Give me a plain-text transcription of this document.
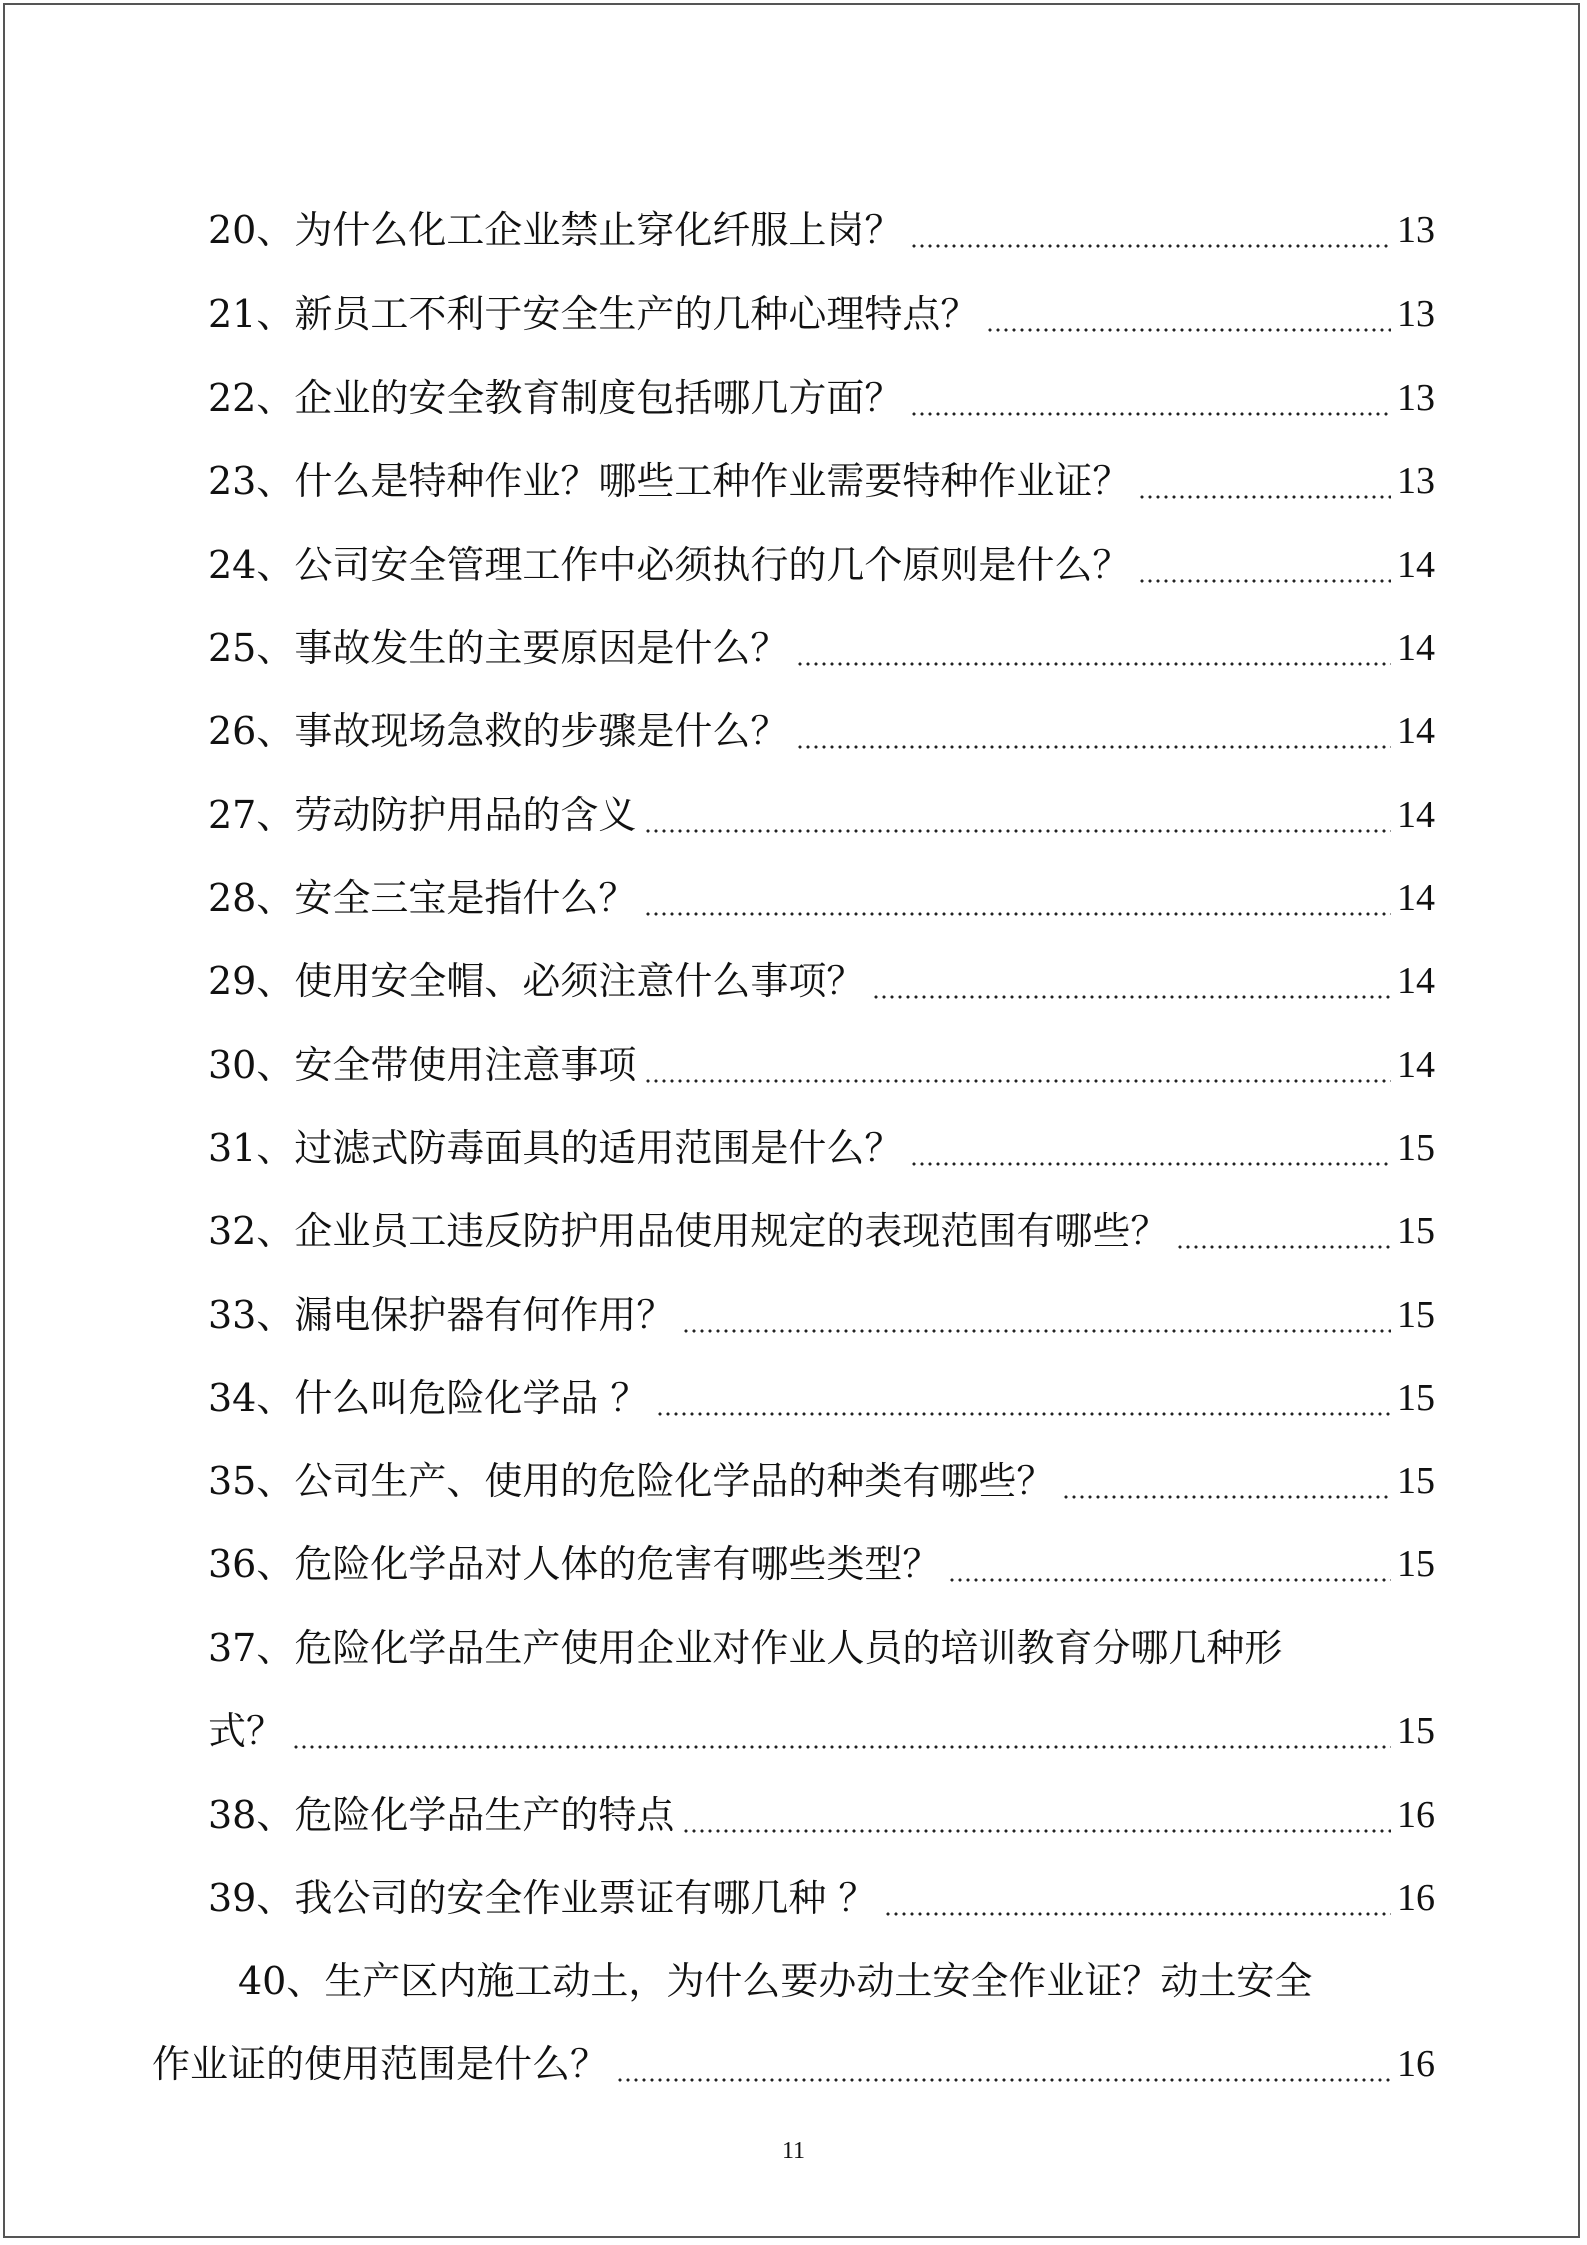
20、为什么化工企业禁止穿化纤服上岗？	13
21、新员工不利于安全生产的几种心理特点？	13
22、企业的安全教育制度包括哪几方面？	13
23、什么是特种作业？哪些工种作业需要特种作业证？	13
24、公司安全管理工作中必须执行的几个原则是什么？	14
25、事故发生的主要原因是什么？	14
26、事故现场急救的步骤是什么？	14
27、劳动防护用品的含义	14
28、安全三宝是指什么？	14
29、使用安全帽、必须注意什么事项？	14
30、安全带使用注意事项	14
31、过滤式防毒面具的适用范围是什么？	15
32、企业员工违反防护用品使用规定的表现范围有哪些？	15
33、漏电保护器有何作用？	15
34、什么叫危险化学品 ？	15
35、公司生产、使用的危险化学品的种类有哪些？	15
36、危险化学品对人体的危害有哪些类型？	15
37、危险化学品生产使用企业对作业人员的培训教育分哪几种形
式？	15
38、危险化学品生产的特点	16
39、我公司的安全作业票证有哪几种 ？	16
40、生产区内施工动土，为什么要办动土安全作业证？动土安全
作业证的使用范围是什么？	16
11
